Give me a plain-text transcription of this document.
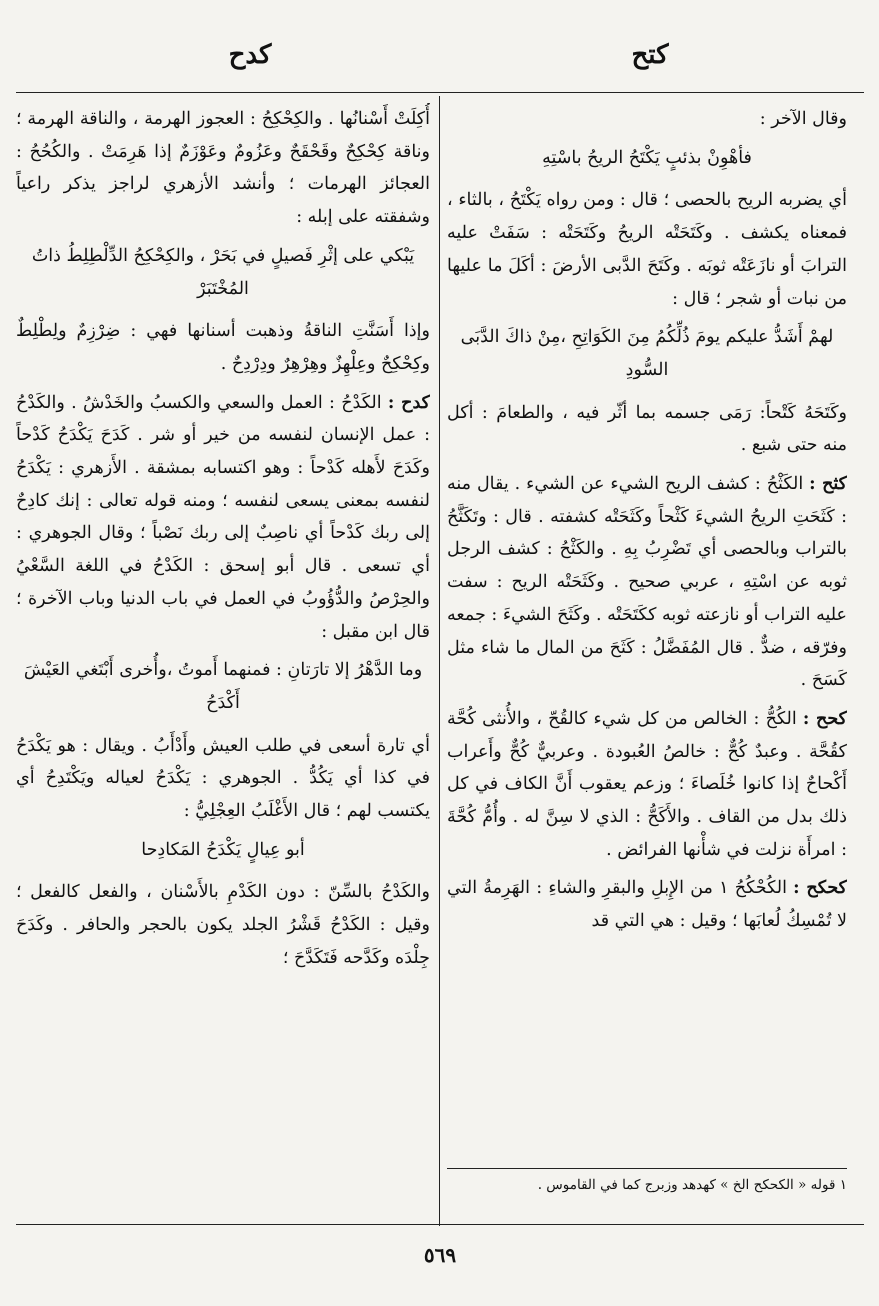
كتح
كدح

وقال الآخر :

فأهْوِنْ بذئبٍ يَكْتَحُ الريحُ باسْتِهِ

أي يضربه الريح بالحصى ؛ قال : ومن رواه يَكْتَحُ ، بالثاء ، فمعناه يكشف . وكَتَحَتْه الريحُ وكَتَحَتْه : سَفَتْ عليه الترابَ أو نازَعَتْه ثوبَه . وكَتَحَ الدَّبى الأرضَ : أكَلَ ما عليها من نبات أو شجر ؛ قال :

لهمْ أَشَدُّ عليكم يومَ ذُلِّكُمُ مِنَ الكَوَاتِحِ ،مِنْ ذاكَ الدَّبَى السُّودِ

وكَتَحَهُ كَتْحاً: رَمَى جسمه بما أثّر فيه ، والطعامَ : أكل منه حتى شبع .

كثح : الكَثْحُ : كشف الريح الشيء عن الشيء . يقال منه : كَثَحَتِ الريحُ الشيءَ كَثْحاً وكَثَحَتْه كشفته . قال : وتَكَثَّحُ بالتراب وبالحصى أي تَضْرِبُ بِهِ . والكَثْحُ : كشف الرجل ثوبه عن اسْتِهِ ، عربي صحيح . وكَثَحَتْه الريح : سفت عليه التراب أو نازعته ثوبه ككَتَحَتْه . وكَثَحَ الشيءَ : جمعه وفرّقه ، ضدٌّ . قال المُفَضَّلُ : كَثَحَ من المال ما شاء مثل كَسَحَ .

كحح : الكُحُّ : الخالص من كل شيء كالقُحّ ، والأُنثى كُحَّة كقُحَّة . وعبدٌ كُحٌّ : خالصُ العُبودة . وعربيٌّ كُحٌّ وأَعراب أَكْحاحٌ إذا كانوا خُلَصاءَ ؛ وزعم يعقوب أَنَّ الكاف في كل ذلك بدل من القاف . والأَكَحُّ : الذي لا سِنَّ له . وأُمُّ كُحَّةَ : امرأَة نزلت في شأْنها الفرائض .

كحكح : الكُحْكُحُ ١ من الإِبلِ والبقرِ والشاءِ : الهَرِمةُ التي لا تُمْسِكُ لُعابَها ؛ وقيل : هي التي قد

أُكِلَتْ أَسْنانُها . والكِحْكِحُ : العجوز الهرمة ، والناقة الهرمة ؛ وناقة كِحْكِحٌ وقَحْقَحٌ وعَزُومٌ وعَوْزَمٌ إذا هَرِمَتْ . والكُحُحُ : العجائز الهرمات ؛ وأنشد الأزهري لراجز يذكر راعياً وشفقته على إبله :

يَبْكي على إثْرِ فَصيلٍ في بَحَرْ ، والكِحْكِحُ الدِّلْطِلِطُ ذاتُ المُخْتَبَرْ

وإذا أَسَنَّتِ الناقةُ وذهبت أسنانها فهي : ضِرْزِمٌ ولِطْلِطٌ وكِحْكِحٌ وعِلْهِزٌ وهِرْهِرٌ ودِرْدِحٌ .

كدح : الكَدْحُ : العمل والسعي والكسبُ والخَدْشُ . والكَدْحُ : عمل الإنسان لنفسه من خير أو شر . كَدَحَ يَكْدَحُ كَدْحاً وكَدَحَ لأَهله كَدْحاً : وهو اكتسابه بمشقة . الأَزهري : يَكْدَحُ لنفسه بمعنى يسعى لنفسه ؛ ومنه قوله تعالى : إنك كادِحٌ إلى ربك كَدْحاً أي ناصِبٌ إلى ربك نَصْباً ؛ وقال الجوهري : أي تسعى . قال أبو إسحق : الكَدْحُ في اللغة السَّعْيُ والحِرْصُ والدُّؤُوبُ في العمل في باب الدنيا وباب الآخرة ؛ قال ابن مقبل :

وما الدَّهْرُ إلا تارَتانِ : فمنهما أَموتُ ،وأُخرى أَبْتَغي العَيْشَ أَكْدَحُ

أي تارة أسعى في طلب العيش وأَدْأَبُ . ويقال : هو يَكْدَحُ في كذا أي يَكُدُّ . الجوهري : يَكْدَحُ لعياله ويَكْتَدِحُ أي يكتسب لهم ؛ قال الأَغْلَبُ العِجْلِيُّ :

أبو عِيالٍ يَكْدَحُ المَكادِحا

والكَدْحُ بالسِّنّ : دون الكَدْمِ بالأَسْنان ، والفعل كالفعل ؛ وقيل : الكَدْحُ قَشْرُ الجلد يكون بالحجر والحافر . وكَدَحَ جِلْدَه وكَدَّحه فَتَكَدَّحَ ؛

١ قوله « الكحكح الخ » كهدهد وزبرج كما في القاموس .
٥٦٩
